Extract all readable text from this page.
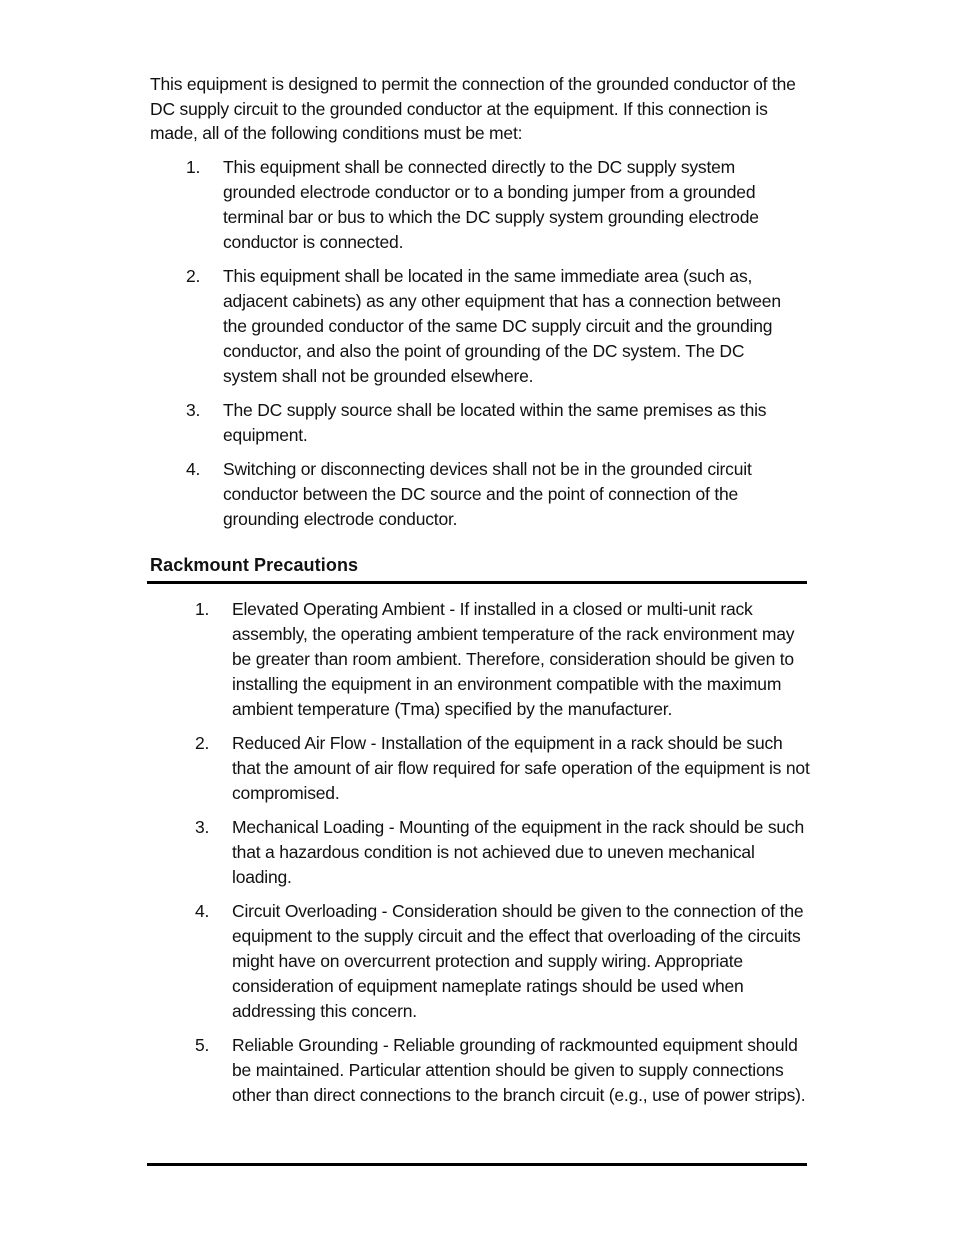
This equipment is designed to permit the connection of the grounded conductor of the DC supply circuit to the grounded conductor at the equipment. If this connection is made, all of the following conditions must be met:

1.	This equipment shall be connected directly to the DC supply system grounded electrode conductor or to a bonding jumper from a grounded terminal bar or bus to which the DC supply system grounding electrode conductor is connected.
2.	This equipment shall be located in the same immediate area (such as, adjacent cabinets) as any other equipment that has a connection between the grounded conductor of the same DC supply circuit and the grounding conductor, and also the point of grounding of the DC system. The DC system shall not be grounded elsewhere.
3.	The DC supply source shall be located within the same premises as this equipment.
4.	Switching or disconnecting devices shall not be in the grounded circuit conductor between the DC source and the point of connection of the grounding electrode conductor.
Rackmount Precautions
1.	Elevated Operating Ambient - If installed in a closed or multi-unit rack assembly, the operating ambient temperature of the rack environment may be greater than room ambient. Therefore, consideration should be given to installing the equipment in an environment compatible with the maximum ambient temperature (Tma) specified by the manufacturer.
2.	Reduced Air Flow - Installation of the equipment in a rack should be such that the amount of air flow required for safe operation of the equipment is not compromised.
3.	Mechanical Loading - Mounting of the equipment in the rack should be such that a hazardous condition is not achieved due to uneven mechanical loading.
4.	Circuit Overloading - Consideration should be given to the connection of the equipment to the supply circuit and the effect that overloading of the circuits might have on overcurrent protection and supply wiring. Appropriate consideration of equipment nameplate ratings should be used when addressing this concern.
5.	Reliable Grounding - Reliable grounding of rackmounted equipment should be maintained. Particular attention should be given to supply connections other than direct connections to the branch circuit (e.g., use of power strips).
